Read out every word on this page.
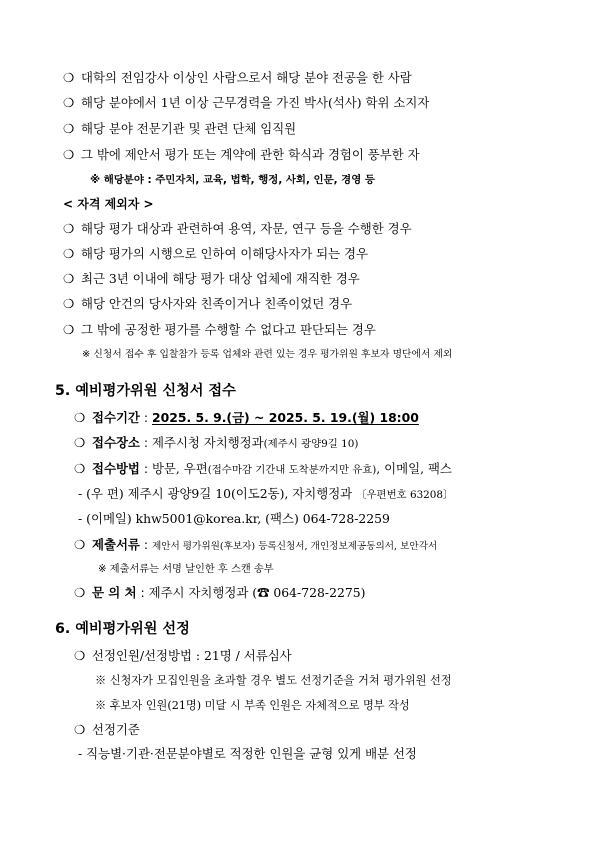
❍ 대학의 전임강사 이상인 사람으로서 해당 분야 전공을 한 사람
❍ 해당 분야에서 1년 이상 근무경력을 가진 박사(석사) 학위 소지자
❍ 해당 분야 전문기관 및 관련 단체 임직원
❍ 그 밖에 제안서 평가 또는 계약에 관한 학식과 경험이 풍부한 자
※ 해당분야 : 주민자치, 교육, 법학, 행정, 사회, 인문, 경영 등
< 자격 제외자 >
❍ 해당 평가 대상과 관련하여 용역, 자문, 연구 등을 수행한 경우
❍ 해당 평가의 시행으로 인하여 이해당사자가 되는 경우
❍ 최근 3년 이내에 해당 평가 대상 업체에 재직한 경우
❍ 해당 안건의 당사자와 친족이거나 친족이었던 경우
❍ 그 밖에 공정한 평가를 수행할 수 없다고 판단되는 경우
※ 신청서 접수 후 입찰참가 등록 업체와 관련 있는 경우 평가위원 후보자 명단에서 제외
5. 예비평가위원 신청서 접수
❍ 접수기간 : 2025. 5. 9.(금) ~ 2025. 5. 19.(월) 18:00
❍ 접수장소 : 제주시청 자치행정과(제주시 광양9길 10)
❍ 접수방법 : 방문, 우편(접수마감 기간내 도착분까지만 유효), 이메일, 팩스
- (우 편) 제주시 광양9길 10(이도2동), 자치행정과 〔우편번호 63208〕
- (이메일) khw5001@korea.kr, (팩스) 064-728-2259
❍ 제출서류 : 제안서 평가위원(후보자) 등록신청서, 개인정보제공동의서, 보안각서
※ 제출서류는 서명 날인한 후 스캔 송부
❍ 문 의 처 : 제주시 자치행정과 (☎ 064-728-2275)
6. 예비평가위원 선정
❍ 선정인원/선정방법 : 21명 / 서류심사
※ 신청자가 모집인원을 초과할 경우 별도 선정기준을 거쳐 평가위원 선정
※ 후보자 인원(21명) 미달 시 부족 인원은 자체적으로 명부 작성
❍ 선정기준
- 직능별·기관·전문분야별로 적정한 인원을 균형 있게 배분 선정
